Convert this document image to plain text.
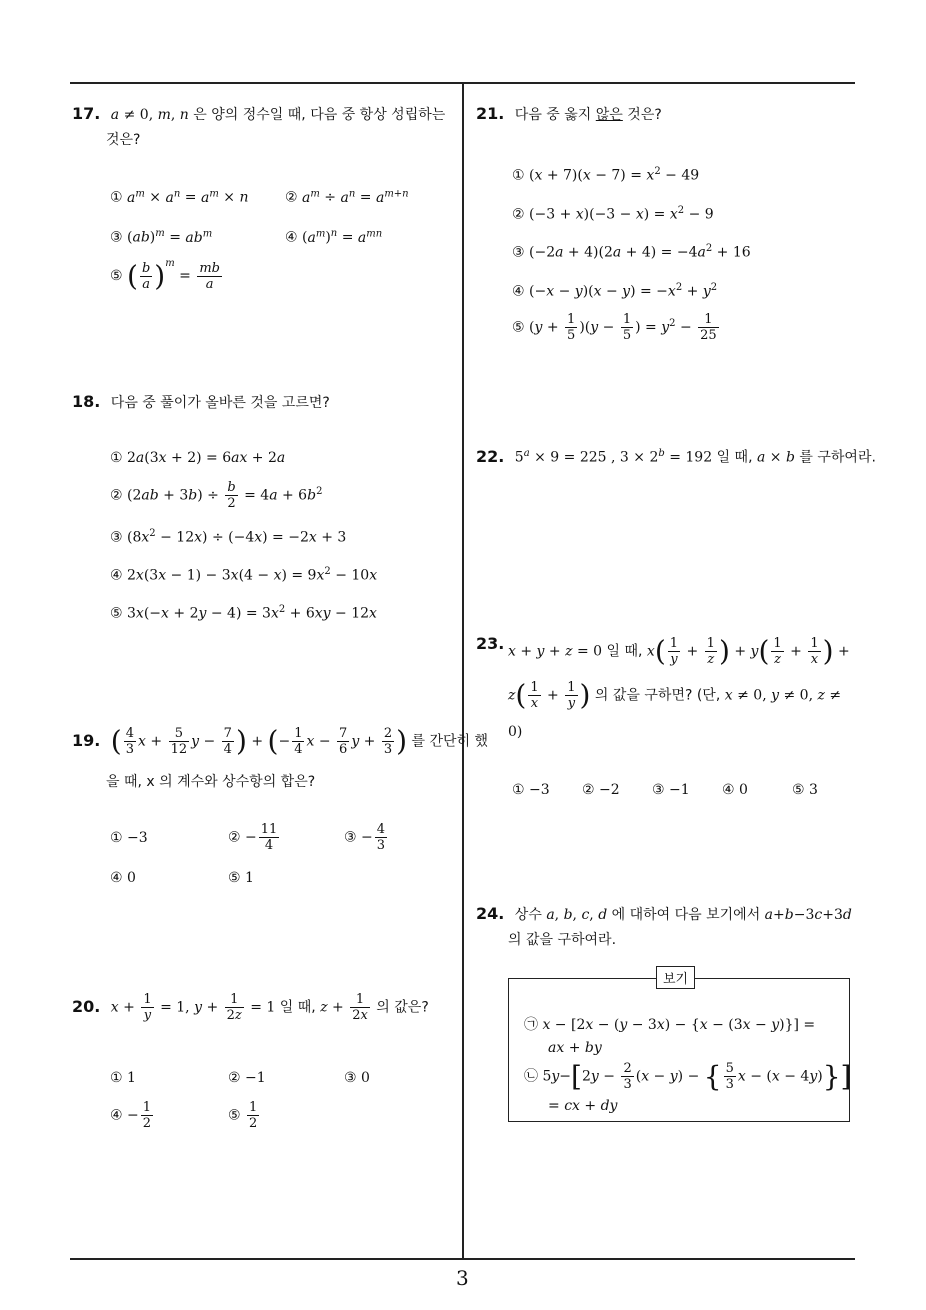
17. a ≠ 0, m, n 은 양의 정수일 때, 다음 중 항상 성립하는
것은?
① $a^m \times a^n = a^m \times n$	② $a^m \div a^n = a^{m+n}$
③ $(ab)^m = ab^m$	④ $(a^m)^n = a^{mn}$
⑤ ( $\frac{b}{a} )^m = \frac{mb}{a}$
18. 다음 중 풀이가 올바른 것을 고르면?
① 2a(3x + 2) = 6ax + 2a
② $(2ab + 3b) \div \frac{b}{2} = 4a + 6b^2$
③ $(8x^2 - 12x) \div (-4x) = -2x + 3$
④ $2x(3x - 1) - 3x(4 - x) = 9x^2 - 10x$
⑤ $3x(-x + 2y - 4) = 3x^2 + 6xy - 12x$
19. ( $\frac{4}{3}$ $x + \frac{5}{12}$ $y - \frac{7}{4}$ ) + (− $\frac{1}{4}$ $x - \frac{7}{6}$ $y + \frac{2}{3}$ ) 를 간단히 했
을 때, x 의 계수와 상수항의 합은?
① −3	② − $\frac{11}{4}$	③ − $\frac{4}{3}$
④ 0	⑤ 1
20. $x + \frac{1}{y} = 1$, $y + \frac{1}{2z} = 1$ 일 때, $z + \frac{1}{2x}$ 의 값은?
① 1	② −1	③ 0
④ − $\frac{1}{2}$	⑤ $\frac{1}{2}$
21. 다음 중 옳지 않은 것은?
① $(x + 7)(x - 7) = x^2 - 49$
② $(-3 + x)(-3 - x) = x^2 - 9$
③ $(-2a + 4)(2a + 4) = -4a^2 + 16$
④ $(-x - y)(x - y) = -x^2 + y^2$
⑤ $(y + \frac{1}{5} )(y - \frac{1}{5}$ ) = $y^2 - \frac{1}{25}$
22. $5^a \times 9 = 225$ , $3 \times 2^b = 192$ 일 때, a × b 를 구하여라.
23. x + y + z = 0 일 때, $x( \frac{1}{y} + \frac{1}{z}$ ) + $y( \frac{1}{z} + \frac{1}{x}$ ) +
$z( \frac{1}{x} + \frac{1}{y}$ ) 의 값을 구하면? (단, x ≠ 0, y ≠ 0, z ≠
0)
① −3 ② −2 ③ −1 ④ 0	⑤ 3
24. 상수 a, b, c, d 에 대하여 다음 보기에서 a+b−3c+3d
의 값을 구하여라.
보기
㉠ x − [2x − (y − 3x) − {x − (3x − y)}] =
ax + by
㉡ $5y-[2y - \frac{2}{3} (x - y)$ − { $\frac{5}{3}$ x − (x − 4y)}]
= cx + dy
3
